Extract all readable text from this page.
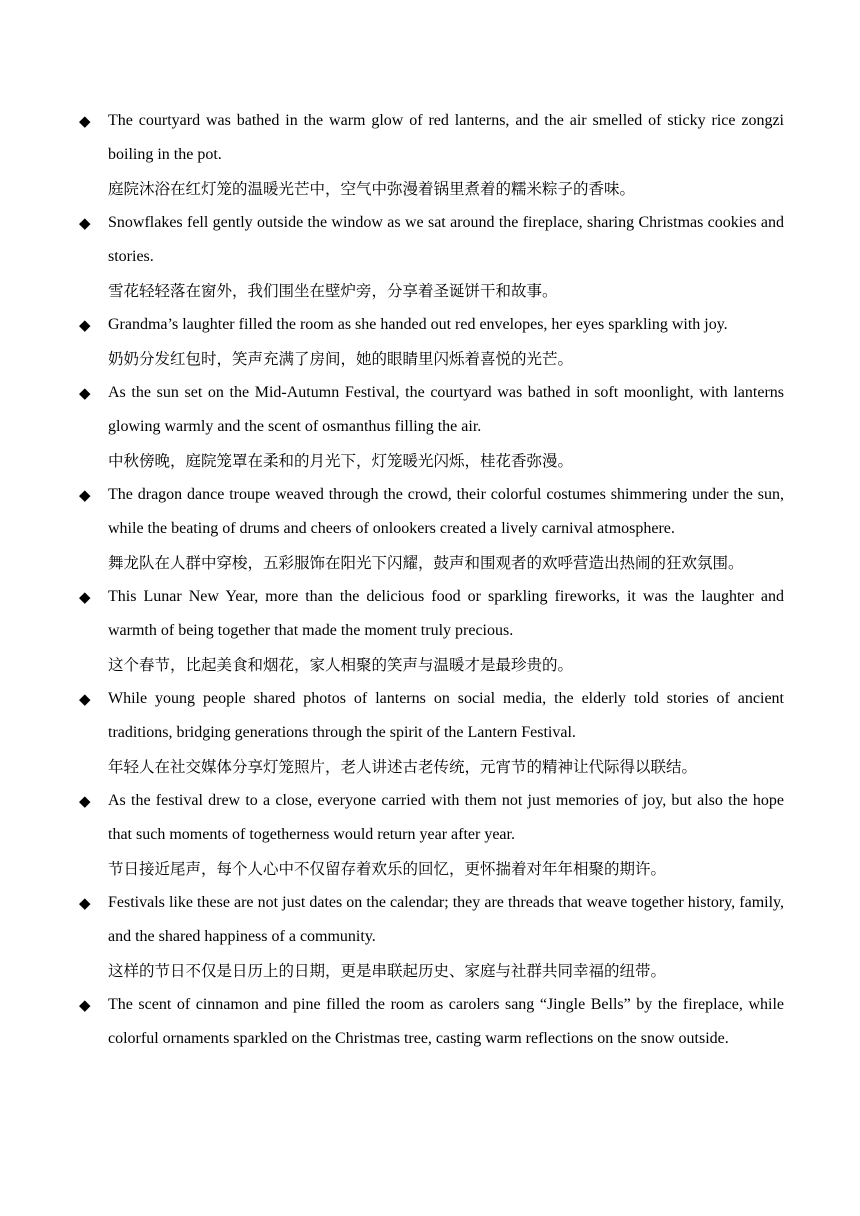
◆ The courtyard was bathed in the warm glow of red lanterns, and the air smelled of sticky rice zongzi boiling in the pot.

庭院沐浴在红灯笼的温暖光芒中，空气中弥漫着锅里煮着的糯米粽子的香味。

◆ Snowflakes fell gently outside the window as we sat around the fireplace, sharing Christmas cookies and stories.

雪花轻轻落在窗外，我们围坐在壁炉旁，分享着圣诞饼干和故事。

◆ Grandma’s laughter filled the room as she handed out red envelopes, her eyes sparkling with joy.

奶奶分发红包时，笑声充满了房间，她的眼睛里闪烁着喜悦的光芒。

◆ As the sun set on the Mid-Autumn Festival, the courtyard was bathed in soft moonlight, with lanterns glowing warmly and the scent of osmanthus filling the air.

中秋傍晚，庭院笼罩在柔和的月光下，灯笼暖光闪烁，桂花香弥漫。

◆ The dragon dance troupe weaved through the crowd, their colorful costumes shimmering under the sun, while the beating of drums and cheers of onlookers created a lively carnival atmosphere.

舞龙队在人群中穿梭，五彩服饰在阳光下闪耀，鼓声和围观者的欢呼营造出热闹的狂欢氛围。

◆ This Lunar New Year, more than the delicious food or sparkling fireworks, it was the laughter and warmth of being together that made the moment truly precious.

这个春节，比起美食和烟花，家人相聚的笑声与温暖才是最珍贵的。

◆ While young people shared photos of lanterns on social media, the elderly told stories of ancient traditions, bridging generations through the spirit of the Lantern Festival.

年轻人在社交媒体分享灯笼照片，老人讲述古老传统，元宵节的精神让代际得以联结。

◆ As the festival drew to a close, everyone carried with them not just memories of joy, but also the hope that such moments of togetherness would return year after year.

节日接近尾声，每个人心中不仅留存着欢乐的回忆，更怀揣着对年年相聚的期许。

◆ Festivals like these are not just dates on the calendar; they are threads that weave together history, family, and the shared happiness of a community.

这样的节日不仅是日历上的日期，更是串联起历史、家庭与社群共同幸福的纽带。

◆ The scent of cinnamon and pine filled the room as carolers sang “Jingle Bells” by the fireplace, while colorful ornaments sparkled on the Christmas tree, casting warm reflections on the snow outside.
